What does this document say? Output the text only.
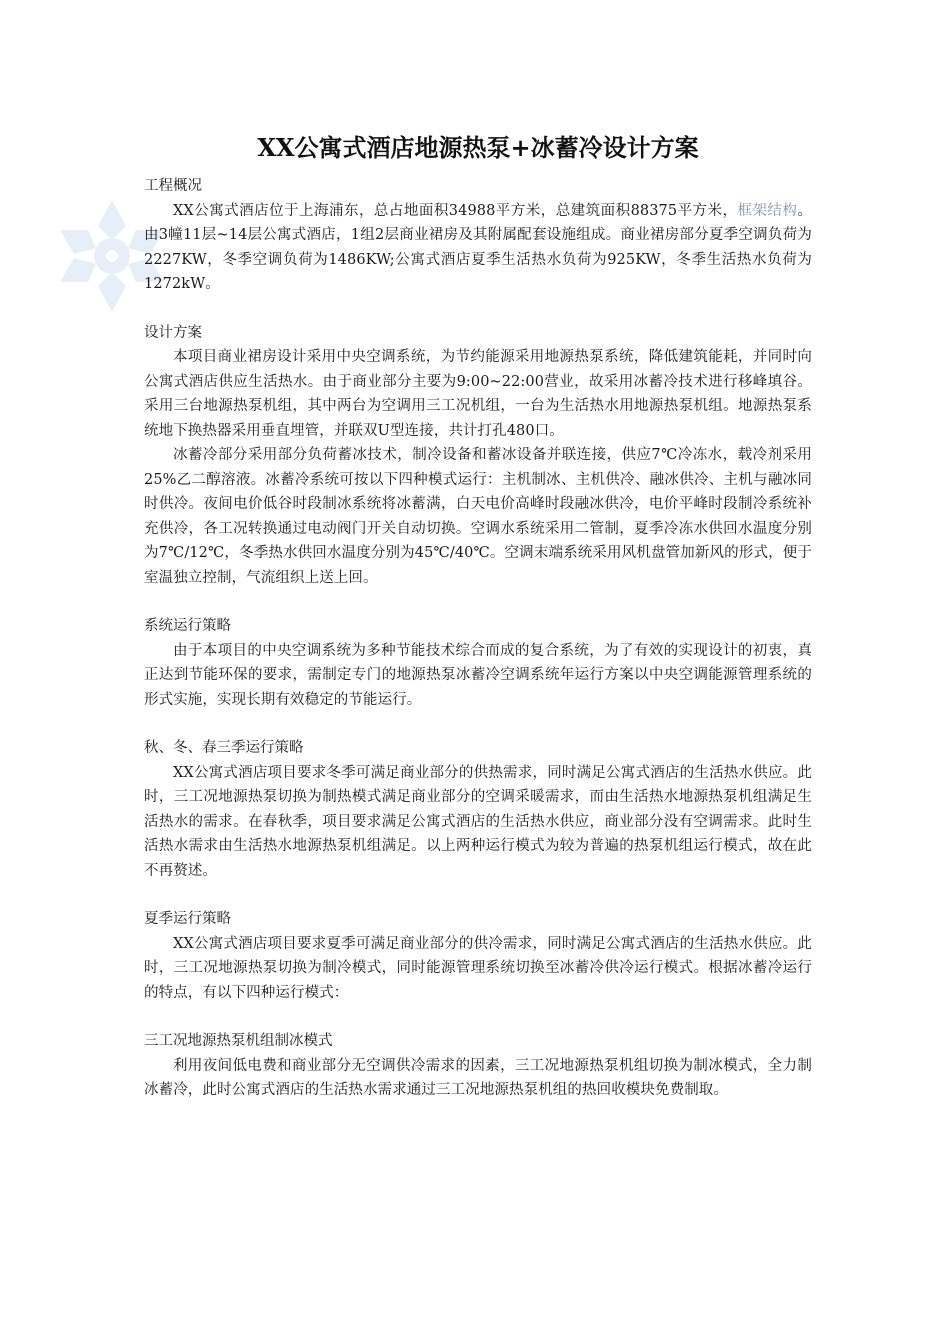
XX公寓式酒店地源热泵+冰蓄冷设计方案

工程概况

XX公寓式酒店位于上海浦东，总占地面积34988平方米，总建筑面积88375平方米，框架结构。由3幢11层~14层公寓式酒店，1组2层商业裙房及其附属配套设施组成。商业裙房部分夏季空调负荷为2227KW，冬季空调负荷为1486KW;公寓式酒店夏季生活热水负荷为925KW，冬季生活热水负荷为1272kW。

设计方案

本项目商业裙房设计采用中央空调系统，为节约能源采用地源热泵系统，降低建筑能耗，并同时向公寓式酒店供应生活热水。由于商业部分主要为9:00~22:00营业，故采用冰蓄冷技术进行移峰填谷。采用三台地源热泵机组，其中两台为空调用三工况机组，一台为生活热水用地源热泵机组。地源热泵系统地下换热器采用垂直埋管，并联双U型连接，共计打孔480口。

冰蓄冷部分采用部分负荷蓄冰技术，制冷设备和蓄冰设备并联连接，供应7℃冷冻水，载冷剂采用25%乙二醇溶液。冰蓄冷系统可按以下四种模式运行：主机制冰、主机供冷、融冰供冷、主机与融冰同时供冷。夜间电价低谷时段制冰系统将冰蓄满，白天电价高峰时段融冰供冷，电价平峰时段制冷系统补充供冷，各工况转换通过电动阀门开关自动切换。空调水系统采用二管制，夏季冷冻水供回水温度分别为7℃/12℃，冬季热水供回水温度分别为45℃/40℃。空调末端系统采用风机盘管加新风的形式，便于室温独立控制，气流组织上送上回。

系统运行策略

由于本项目的中央空调系统为多种节能技术综合而成的复合系统，为了有效的实现设计的初衷，真正达到节能环保的要求，需制定专门的地源热泵冰蓄冷空调系统年运行方案以中央空调能源管理系统的形式实施，实现长期有效稳定的节能运行。

秋、冬、春三季运行策略

XX公寓式酒店项目要求冬季可满足商业部分的供热需求，同时满足公寓式酒店的生活热水供应。此时，三工况地源热泵切换为制热模式满足商业部分的空调采暖需求，而由生活热水地源热泵机组满足生活热水的需求。在春秋季，项目要求满足公寓式酒店的生活热水供应，商业部分没有空调需求。此时生活热水需求由生活热水地源热泵机组满足。以上两种运行模式为较为普遍的热泵机组运行模式，故在此不再赘述。

夏季运行策略

XX公寓式酒店项目要求夏季可满足商业部分的供冷需求，同时满足公寓式酒店的生活热水供应。此时，三工况地源热泵切换为制冷模式，同时能源管理系统切换至冰蓄冷供冷运行模式。根据冰蓄冷运行的特点，有以下四种运行模式：

三工况地源热泵机组制冰模式

利用夜间低电费和商业部分无空调供冷需求的因素，三工况地源热泵机组切换为制冰模式，全力制冰蓄冷，此时公寓式酒店的生活热水需求通过三工况地源热泵机组的热回收模块免费制取。
